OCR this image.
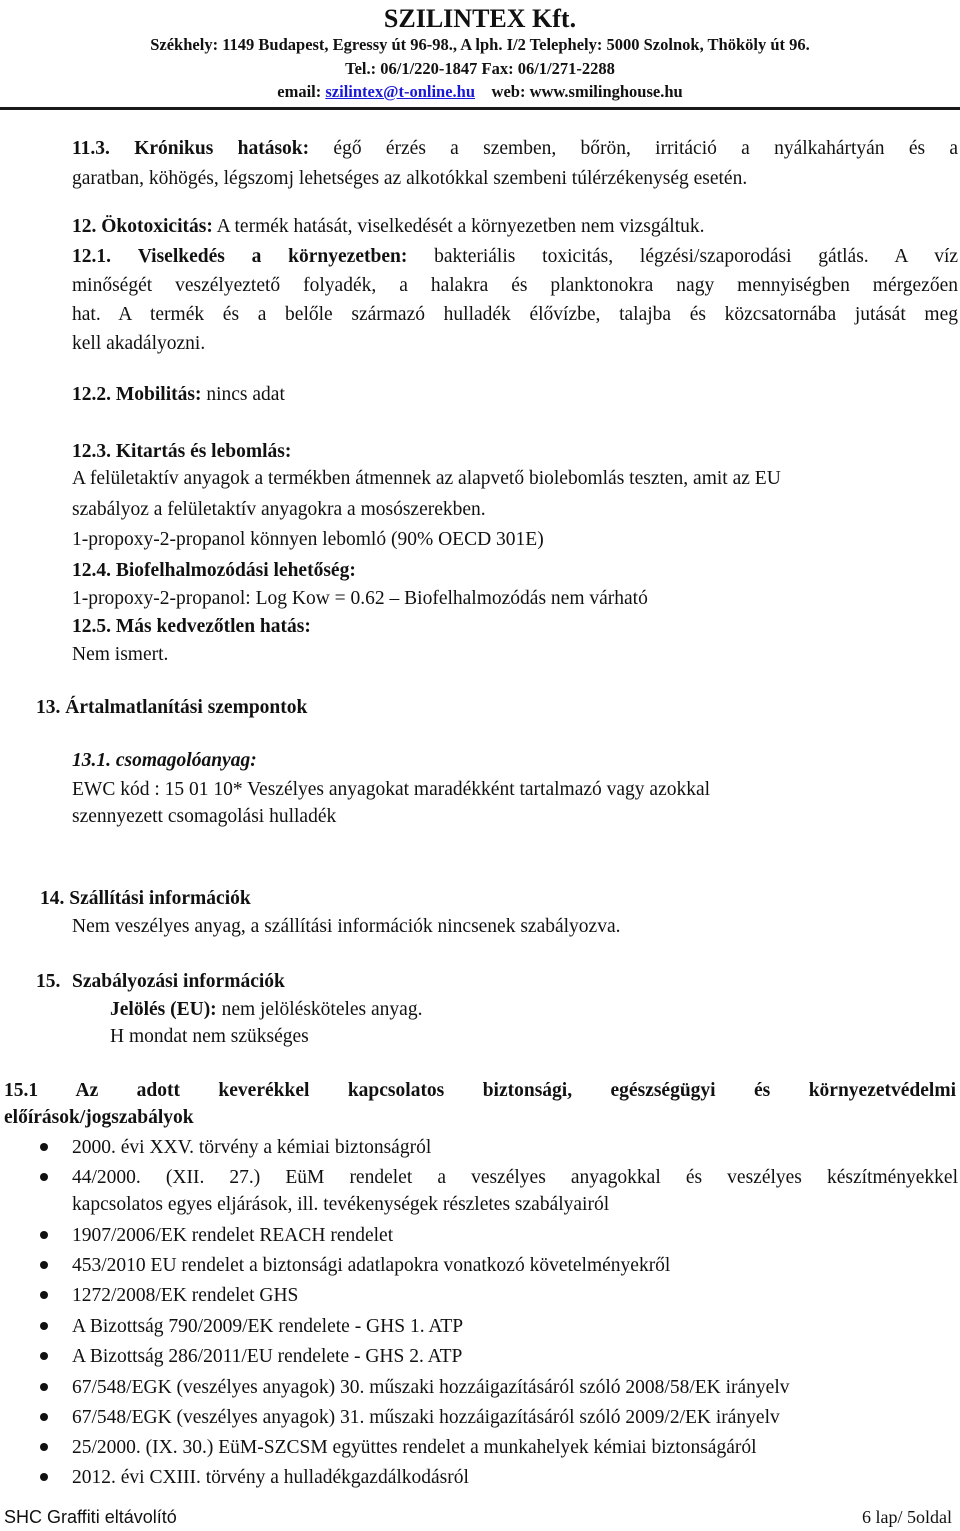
SZILINTEX Kft.
Székhely: 1149 Budapest, Egressy út 96-98., A lph. I/2 Telephely: 5000 Szolnok, Thököly út 96.
Tel.: 06/1/220-1847 Fax: 06/1/271-2288
email: szilintex@t-online.hu web: www.smilinghouse.hu
11.3. Krónikus hatások: égő érzés a szemben, bőrön, irritáció a nyálkahártyán és a
garatban, köhögés, légszomj lehetséges az alkotókkal szembeni túlérzékenység esetén.
12. Ökotoxicitás: A termék hatását, viselkedését a környezetben nem vizsgáltuk.
12.1. Viselkedés a környezetben: bakteriális toxicitás, légzési/szaporodási gátlás. A víz
minőségét veszélyeztető folyadék, a halakra és planktonokra nagy mennyiségben mérgezően
hat. A termék és a belőle származó hulladék élővízbe, talajba és közcsatornába jutását meg
kell akadályozni.
12.2. Mobilitás: nincs adat
12.3. Kitartás és lebomlás:
A felületaktív anyagok a termékben átmennek az alapvető biolebomlás teszten, amit az EU
szabályoz a felületaktív anyagokra a mosószerekben.
1-propoxy-2-propanol könnyen lebomló (90% OECD 301E)
12.4. Biofelhalmozódási lehetőség:
1-propoxy-2-propanol: Log Kow = 0.62 – Biofelhalmozódás nem várható
12.5. Más kedvezőtlen hatás:
Nem ismert.
13. Ártalmatlanítási szempontok
13.1. csomagolóanyag:
EWC kód : 15 01 10* Veszélyes anyagokat maradékként tartalmazó vagy azokkal
szennyezett csomagolási hulladék
14. Szállítási információk
Nem veszélyes anyag, a szállítási információk nincsenek szabályozva.
15. Szabályozási információk
Jelölés (EU): nem jelölésköteles anyag.
H mondat nem szükséges
15.1 Az adott keverékkel kapcsolatos biztonsági, egészségügyi és környezetvédelmi
előírások/jogszabályok
2000. évi XXV. törvény a kémiai biztonságról
44/2000. (XII. 27.) EüM rendelet a veszélyes anyagokkal és veszélyes készítményekkel
kapcsolatos egyes eljárások, ill. tevékenységek részletes szabályairól
1907/2006/EK rendelet REACH rendelet
453/2010 EU rendelet a biztonsági adatlapokra vonatkozó követelményekről
1272/2008/EK rendelet GHS
A Bizottság 790/2009/EK rendelete - GHS 1. ATP
A Bizottság 286/2011/EU rendelete - GHS 2. ATP
67/548/EGK (veszélyes anyagok) 30. műszaki hozzáigazításáról szóló 2008/58/EK irányelv
67/548/EGK (veszélyes anyagok) 31. műszaki hozzáigazításáról szóló 2009/2/EK irányelv
25/2000. (IX. 30.) EüM-SZCSM együttes rendelet a munkahelyek kémiai biztonságáról
2012. évi CXIII. törvény a hulladékgazdálkodásról
SHC Graffiti eltávolító	6 lap/ 5oldal
